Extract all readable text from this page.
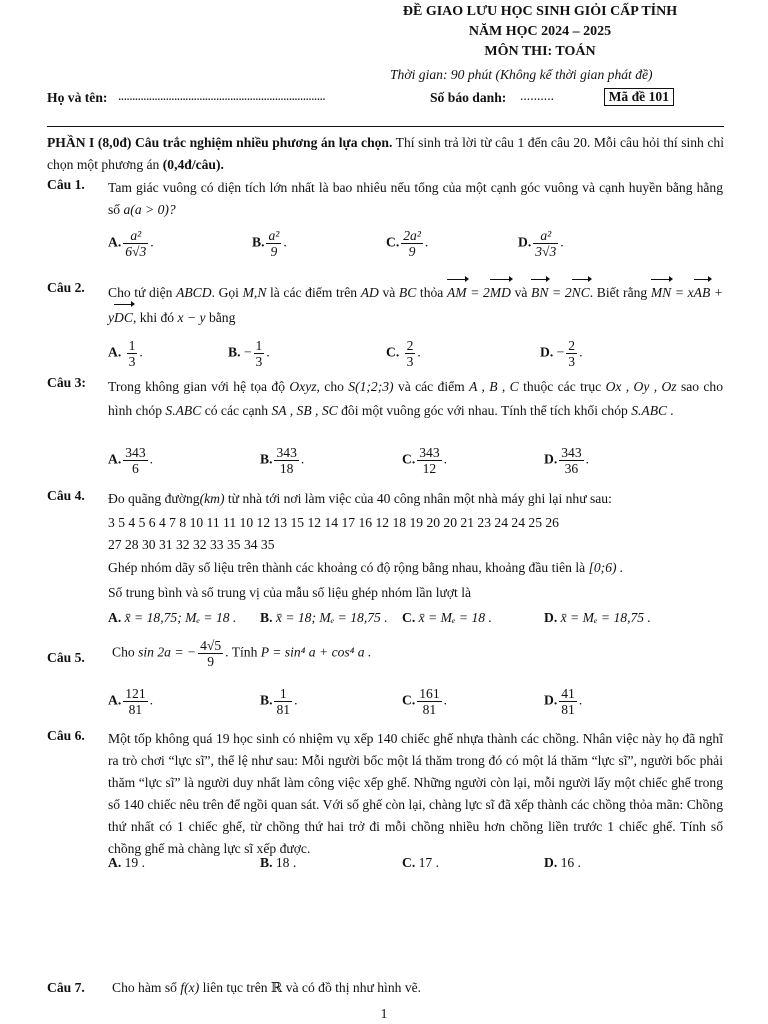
ĐỀ GIAO LƯU HỌC SINH GIỎI CẤP TỈNH
NĂM HỌC 2024 – 2025
MÔN THI: TOÁN
Thời gian: 90 phút (Không kể thời gian phát đề)
Họ và tên: ..........................................................................	Số báo danh: ..........	Mã đề 101
PHẦN I (8,0đ) Câu trắc nghiệm nhiều phương án lựa chọn. Thí sinh trả lời từ câu 1 đến câu 20. Mỗi câu hỏi thí sinh chỉ chọn một phương án (0,4đ/câu).
Câu 1. Tam giác vuông có diện tích lớn nhất là bao nhiêu nếu tổng của một cạnh góc vuông và cạnh huyền bằng hằng số a(a > 0)?
A. $\frac{\text{a²}}{6√3}$ .	B. $\frac{\text{a²}}{9}$ .	C. $\frac{\text{2a²}}{9}$ .	D. $\frac{\text{a²}}{3√3}$ .
Câu 2. Cho tứ diện ABCD. Gọi M,N là các điểm trên AD và BC thỏa AM = 2MD và BN = 2NC. Biết rằng MN = xAB + yDC, khi đó x − y bằng
A. $\frac{1}{3}$ .	B. − $\frac{1}{3}$ .	C. $\frac{2}{3}$ .	D. − $\frac{2}{3}$ .
Câu 3: Trong không gian với hệ tọa độ Oxyz, cho S(1;2;3) và các điểm A , B , C thuộc các trục Ox , Oy , Oz sao cho hình chóp S.ABC có các cạnh SA , SB , SC đôi một vuông góc với nhau. Tính thể tích khối chóp S.ABC .
A. $\frac{343}{6}$ .	B. $\frac{343}{18}$ .	C. $\frac{343}{12}$ .	D. $\frac{343}{36}$ .
Câu 4. Đo quãng đường(km) từ nhà tới nơi làm việc của 40 công nhân một nhà máy ghi lại như sau:
3 5 4 5 6 4 7 8 10 11 11 10 12 13 15 12 14 17 16 12 18 19 20 20 21 23 24 24 25 26
27 28 30 31 32 32 33 35 34 35
Ghép nhóm dãy số liệu trên thành các khoảng có độ rộng bằng nhau, khoảng đầu tiên là [0;6) .
Số trung bình và số trung vị của mẫu số liệu ghép nhóm lần lượt là
A. x̄ = 18,75; Mₑ = 18 . B. x̄ = 18; Mₑ = 18,75 . C. x̄ = Mₑ = 18 .	D. x̄ = Mₑ = 18,75 .
Câu 5. Cho sin 2a = − $\frac{4√5}{9}$ . Tính P = sin⁴ a + cos⁴ a .
A. $\frac{121}{81}$ .	B. $\frac{1}{81}$ .	C. $\frac{161}{81}$ .	D. $\frac{41}{81}$ .
Câu 6. Một tốp không quá 19 học sinh có nhiệm vụ xếp 140 chiếc ghế nhựa thành các chồng. Nhân việc này họ đã nghĩ ra trò chơi “lực sĩ”, thể lệ như sau: Mỗi người bốc một lá thăm trong đó có một lá thăm “lực sĩ”, người bốc phải thăm “lực sĩ” là người duy nhất làm công việc xếp ghế. Những người còn lại, mỗi người lấy một chiếc ghế trong số 140 chiếc nêu trên để ngồi quan sát. Với số ghế còn lại, chàng lực sĩ đã xếp thành các chồng thỏa mãn: Chồng thứ nhất có 1 chiếc ghế, từ chồng thứ hai trở đi mỗi chồng nhiều hơn chồng liền trước 1 chiếc ghế. Tính số chồng ghế mà chàng lực sĩ xếp được.
A. 19 .	B. 18 .	C. 17 .	D. 16 .
Câu 7. Cho hàm số f(x) liên tục trên ℝ và có đồ thị như hình vẽ.
1
